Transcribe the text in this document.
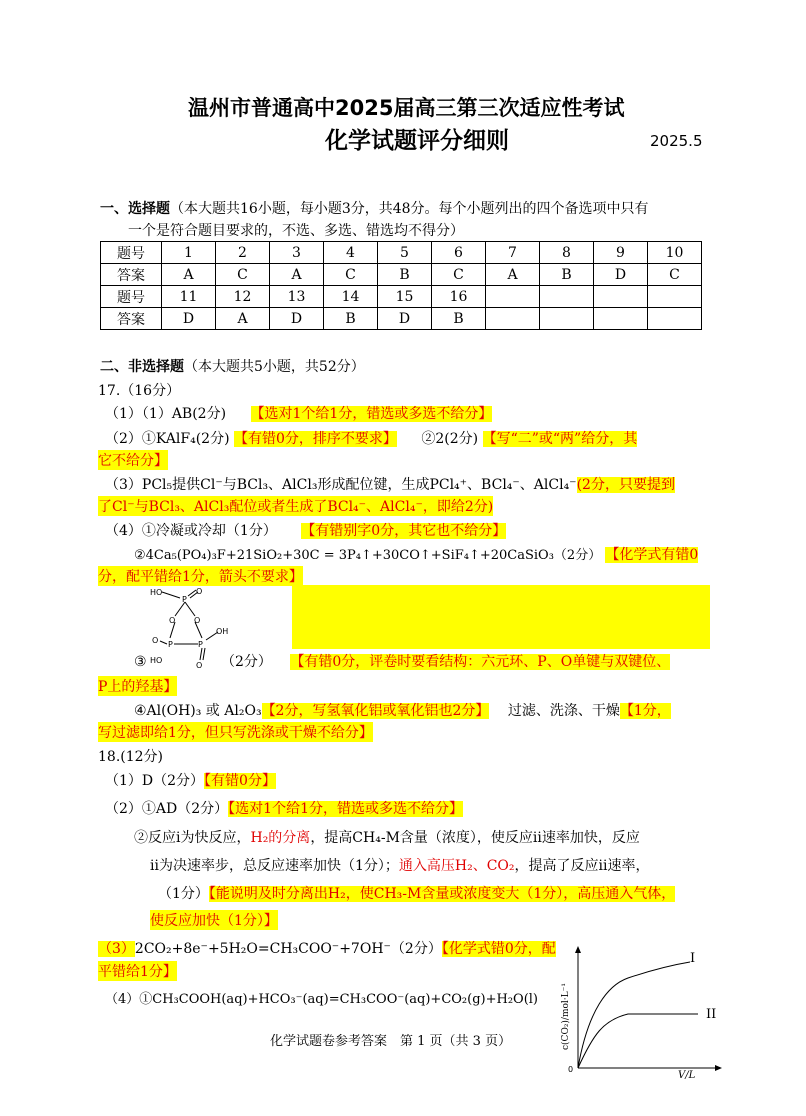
温州市普通高中2025届高三第三次适应性考试
化学试题评分细则	2025.5
一、选择题（本大题共16小题，每小题3分，共48分。每个小题列出的四个备选项中只有
一个是符合题目要求的，不选、多选、错选均不得分）
题号	1	2	3	4	5	6	7	8	9	10
答案	A	C	A	C	B	C	A	B	D	C
题号	11	12	13	14	15	16				
答案	D	A	D	B	D	B				
二、非选择题（本大题共5小题，共52分）
17.（16分）
（1）（1）AB(2分) 【选对1个给1分，错选或多选不给分】
（2）①KAlF₄(2分) 【有错0分，排序不要求】 ②2(2分) 【写“二”或“两”给分，其
它不给分】
（3）PCl₅提供Cl⁻与BCl₃、AlCl₃形成配位键，生成PCl₄⁺、BCl₄⁻、AlCl₄⁻(2分，只要提到
了Cl⁻与BCl₃、AlCl₃配位或者生成了BCl₄⁻、AlCl₄⁻，即给2分)
（4）①冷凝或冷却（1分） 【有错别字0分，其它也不给分】
②4Ca₅(PO₄)₃F+21SiO₂+30C = 3P₄↑+30CO↑+SiF₄↑+20CaSiO₃（2分） 【化学式有错0
分，配平错给1分，箭头不要求】
HO
P
O
O O
P	P
O
OH
HO
O
③	（2分） 【有错0分，评卷时要看结构：六元环、P、O单键与双键位、
P上的羟基】
④Al(OH)₃ 或 Al₂O₃【2分，写氢氧化铝或氧化铝也2分】 过滤、洗涤、干燥【1分，
写过滤即给1分，但只写洗涤或干燥不给分】
18.(12分)
（1）D（2分）【有错0分】
（2）①AD（2分）【选对1个给1分，错选或多选不给分】
②反应ⅰ为快反应，H₂的分离，提高CH₄-M含量（浓度），使反应ⅱ速率加快，反应
ⅱ为决速率步，总反应速率加快（1分）；通入高压H₂、CO₂，提高了反应ⅱ速率，
（1分）【能说明及时分离出H₂，使CH₃-M含量或浓度变大（1分），高压通入气体，
使反应加快（1分）】
（3）2CO₂+8e⁻+5H₂O=CH₃COO⁻+7OH⁻（2分）【化学式错0分，配
平错给1分】
（4）①CH₃COOH(aq)+HCO₃⁻(aq)=CH₃COO⁻(aq)+CO₂(g)+H₂O(l)
I
II
0
V/L
c(CO₂)/mol·L⁻¹
化学试题卷参考答案　第 1 页（共 3 页）
